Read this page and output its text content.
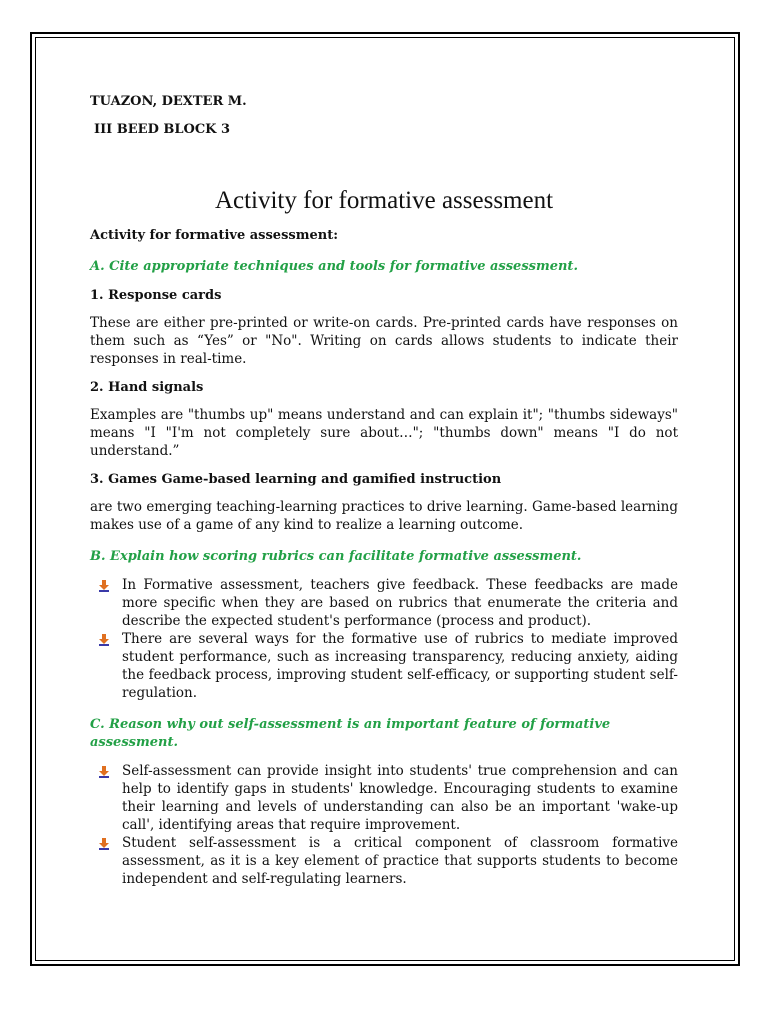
TUAZON, DEXTER M.
III BEED BLOCK 3
Activity for formative assessment
Activity for formative assessment:
A. Cite appropriate techniques and tools for formative assessment.
1. Response cards
These are either pre-printed or write-on cards. Pre-printed cards have responses on them such as “Yes” or "No". Writing on cards allows students to indicate their responses in real-time.
2. Hand signals
Examples are "thumbs up" means understand and can explain it"; "thumbs sideways" means "I "I'm not completely sure about…"; "thumbs down" means "I do not understand.”
3. Games Game-based learning and gamified instruction
are two emerging teaching-learning practices to drive learning. Game-based learning makes use of a game of any kind to realize a learning outcome.
B. Explain how scoring rubrics can facilitate formative assessment.
In Formative assessment, teachers give feedback. These feedbacks are made more specific when they are based on rubrics that enumerate the criteria and describe the expected student's performance (process and product).
There are several ways for the formative use of rubrics to mediate improved student performance, such as increasing transparency, reducing anxiety, aiding the feedback process, improving student self-efficacy, or supporting student self-regulation.
C. Reason why out self-assessment is an important feature of formative assessment.
Self-assessment can provide insight into students' true comprehension and can help to identify gaps in students' knowledge. Encouraging students to examine their learning and levels of understanding can also be an important 'wake-up call', identifying areas that require improvement.
Student self-assessment is a critical component of classroom formative assessment, as it is a key element of practice that supports students to become independent and self-regulating learners.
